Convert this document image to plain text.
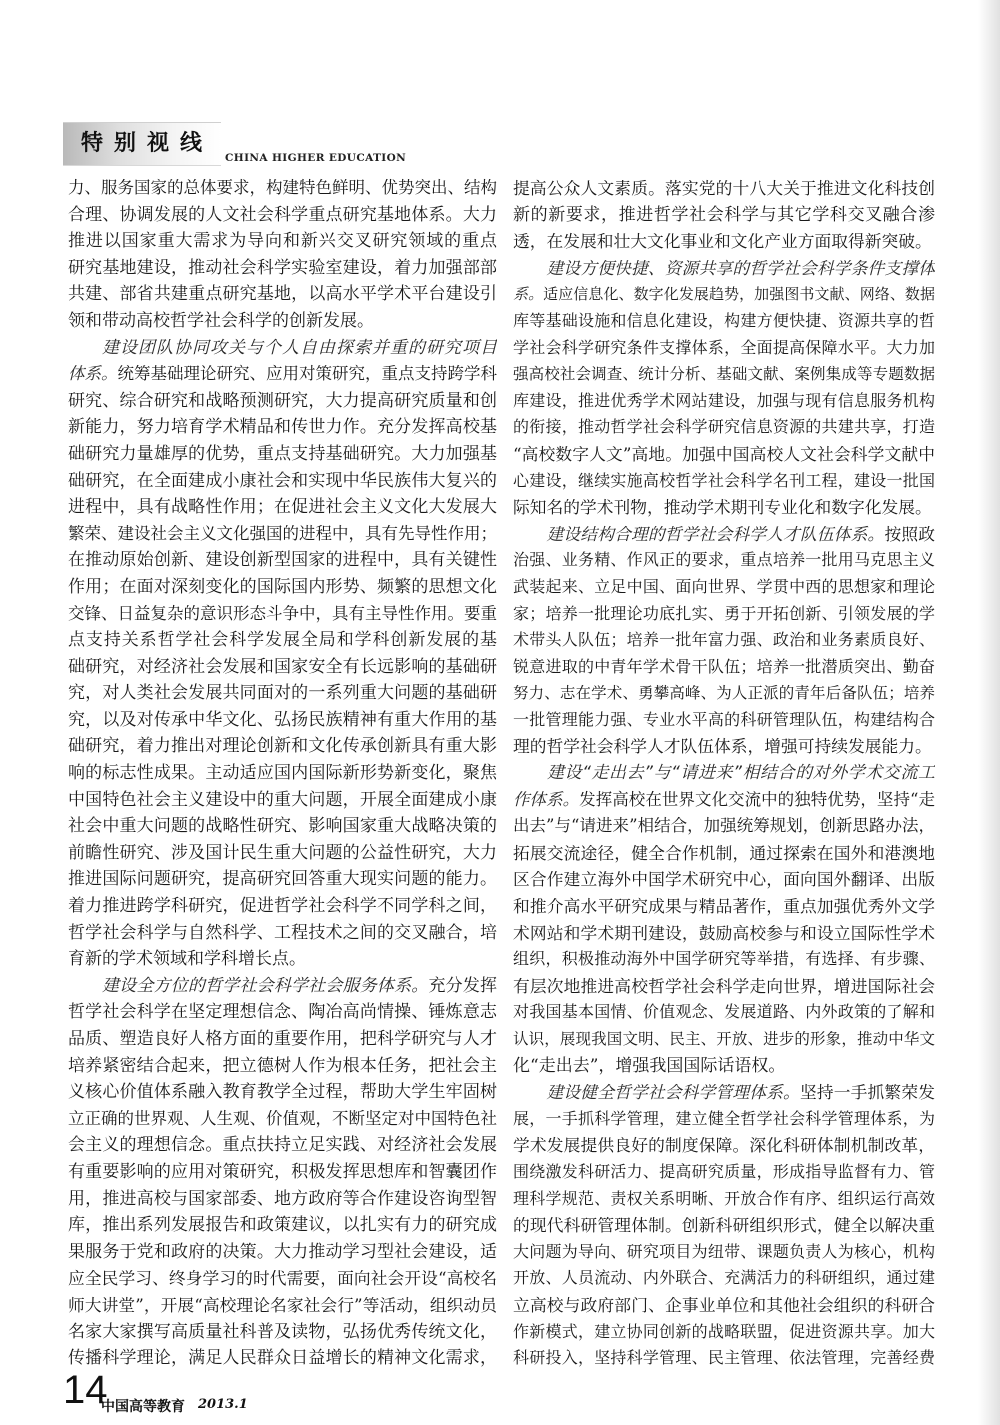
特别视线
CHINA HIGHER EDUCATION
力、服务国家的总体要求，构建特色鲜明、优势突出、结构
合理、协调发展的人文社会科学重点研究基地体系。大力
推进以国家重大需求为导向和新兴交叉研究领域的重点
研究基地建设，推动社会科学实验室建设，着力加强部部
共建、部省共建重点研究基地，以高水平学术平台建设引
领和带动高校哲学社会科学的创新发展。
建设团队协同攻关与个人自由探索并重的研究项目
体系。统筹基础理论研究、应用对策研究，重点支持跨学科
研究、综合研究和战略预测研究，大力提高研究质量和创
新能力，努力培育学术精品和传世力作。充分发挥高校基
础研究力量雄厚的优势，重点支持基础研究。大力加强基
础研究，在全面建成小康社会和实现中华民族伟大复兴的
进程中，具有战略性作用；在促进社会主义文化大发展大
繁荣、建设社会主义文化强国的进程中，具有先导性作用；
在推动原始创新、建设创新型国家的进程中，具有关键性
作用；在面对深刻变化的国际国内形势、频繁的思想文化
交锋、日益复杂的意识形态斗争中，具有主导性作用。要重
点支持关系哲学社会科学发展全局和学科创新发展的基
础研究，对经济社会发展和国家安全有长远影响的基础研
究，对人类社会发展共同面对的一系列重大问题的基础研
究，以及对传承中华文化、弘扬民族精神有重大作用的基
础研究，着力推出对理论创新和文化传承创新具有重大影
响的标志性成果。主动适应国内国际新形势新变化，聚焦
中国特色社会主义建设中的重大问题，开展全面建成小康
社会中重大问题的战略性研究、影响国家重大战略决策的
前瞻性研究、涉及国计民生重大问题的公益性研究，大力
推进国际问题研究，提高研究回答重大现实问题的能力。
着力推进跨学科研究，促进哲学社会科学不同学科之间，
哲学社会科学与自然科学、工程技术之间的交叉融合，培
育新的学术领域和学科增长点。
建设全方位的哲学社会科学社会服务体系。充分发挥
哲学社会科学在坚定理想信念、陶冶高尚情操、锤炼意志
品质、塑造良好人格方面的重要作用，把科学研究与人才
培养紧密结合起来，把立德树人作为根本任务，把社会主
义核心价值体系融入教育教学全过程，帮助大学生牢固树
立正确的世界观、人生观、价值观，不断坚定对中国特色社
会主义的理想信念。重点扶持立足实践、对经济社会发展
有重要影响的应用对策研究，积极发挥思想库和智囊团作
用，推进高校与国家部委、地方政府等合作建设咨询型智
库，推出系列发展报告和政策建议，以扎实有力的研究成
果服务于党和政府的决策。大力推动学习型社会建设，适
应全民学习、终身学习的时代需要，面向社会开设“高校名
师大讲堂”，开展“高校理论名家社会行”等活动，组织动员
名家大家撰写高质量社科普及读物，弘扬优秀传统文化，
传播科学理论，满足人民群众日益增长的精神文化需求，
提高公众人文素质。落实党的十八大关于推进文化科技创
新的新要求，推进哲学社会科学与其它学科交叉融合渗
透，在发展和壮大文化事业和文化产业方面取得新突破。
建设方便快捷、资源共享的哲学社会科学条件支撑体
系。适应信息化、数字化发展趋势，加强图书文献、网络、数据
库等基础设施和信息化建设，构建方便快捷、资源共享的哲
学社会科学研究条件支撑体系，全面提高保障水平。大力加
强高校社会调查、统计分析、基础文献、案例集成等专题数据
库建设，推进优秀学术网站建设，加强与现有信息服务机构
的衔接，推动哲学社会科学研究信息资源的共建共享，打造
“高校数字人文”高地。加强中国高校人文社会科学文献中
心建设，继续实施高校哲学社会科学名刊工程，建设一批国
际知名的学术刊物，推动学术期刊专业化和数字化发展。
建设结构合理的哲学社会科学人才队伍体系。按照政
治强、业务精、作风正的要求，重点培养一批用马克思主义
武装起来、立足中国、面向世界、学贯中西的思想家和理论
家；培养一批理论功底扎实、勇于开拓创新、引领发展的学
术带头人队伍；培养一批年富力强、政治和业务素质良好、
锐意进取的中青年学术骨干队伍；培养一批潜质突出、勤奋
努力、志在学术、勇攀高峰、为人正派的青年后备队伍；培养
一批管理能力强、专业水平高的科研管理队伍，构建结构合
理的哲学社会科学人才队伍体系，增强可持续发展能力。
建设“走出去”与“请进来”相结合的对外学术交流工
作体系。发挥高校在世界文化交流中的独特优势，坚持“走
出去”与“请进来”相结合，加强统筹规划，创新思路办法，
拓展交流途径，健全合作机制，通过探索在国外和港澳地
区合作建立海外中国学术研究中心，面向国外翻译、出版
和推介高水平研究成果与精品著作，重点加强优秀外文学
术网站和学术期刊建设，鼓励高校参与和设立国际性学术
组织，积极推动海外中国学研究等举措，有选择、有步骤、
有层次地推进高校哲学社会科学走向世界，增进国际社会
对我国基本国情、价值观念、发展道路、内外政策的了解和
认识，展现我国文明、民主、开放、进步的形象，推动中华文
化“走出去”，增强我国国际话语权。
建设健全哲学社会科学管理体系。坚持一手抓繁荣发
展，一手抓科学管理，建立健全哲学社会科学管理体系，为
学术发展提供良好的制度保障。深化科研体制机制改革，
围绕激发科研活力、提高研究质量，形成指导监督有力、管
理科学规范、责权关系明晰、开放合作有序、组织运行高效
的现代科研管理体制。创新科研组织形式，健全以解决重
大问题为导向、研究项目为纽带、课题负责人为核心，机构
开放、人员流动、内外联合、充满活力的科研组织，通过建
立高校与政府部门、企事业单位和其他社会组织的科研合
作新模式，建立协同创新的战略联盟，促进资源共享。加大
科研投入，坚持科学管理、民主管理、依法管理，完善经费
14
中国高等教育 2013.1
